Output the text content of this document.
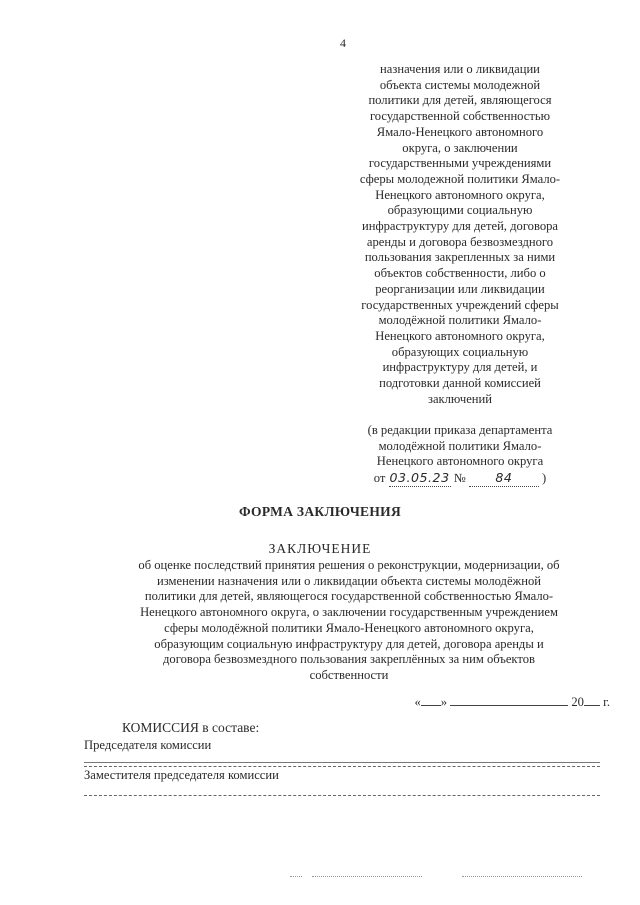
4
назначения или о ликвидации
объекта системы молодежной
политики для детей, являющегося
государственной собственностью
Ямало-Ненецкого автономного
округа, о заключении
государственными учреждениями
сферы молодежной политики Ямало-
Ненецкого автономного округа,
образующими социальную
инфраструктуру для детей, договора
аренды и договора безвозмездного
пользования закрепленных за ними
объектов собственности, либо о
реорганизации или ликвидации
государственных учреждений сферы
молодёжной политики Ямало-
Ненецкого автономного округа,
образующих социальную
инфраструктуру для детей, и
подготовки данной комиссией
заключений
(в редакции приказа департамента
молодёжной политики Ямало-
Ненецкого автономного округа
от 03.05.23 № 84 )
ФОРМА ЗАКЛЮЧЕНИЯ
ЗАКЛЮЧЕНИЕ
об оценке последствий принятия решения о реконструкции, модернизации, об
изменении назначения или о ликвидации объекта системы молодёжной
политики для детей, являющегося государственной собственностью Ямало-
Ненецкого автономного округа, о заключении государственным учреждением
сферы молодёжной политики Ямало-Ненецкого автономного округа,
образующим социальную инфраструктуру для детей, договора аренды и
договора безвозмездного пользования закреплённых за ним объектов
собственности
« »	20 г.
КОМИССИЯ в составе:
Председателя комиссии
Заместителя председателя комиссии
